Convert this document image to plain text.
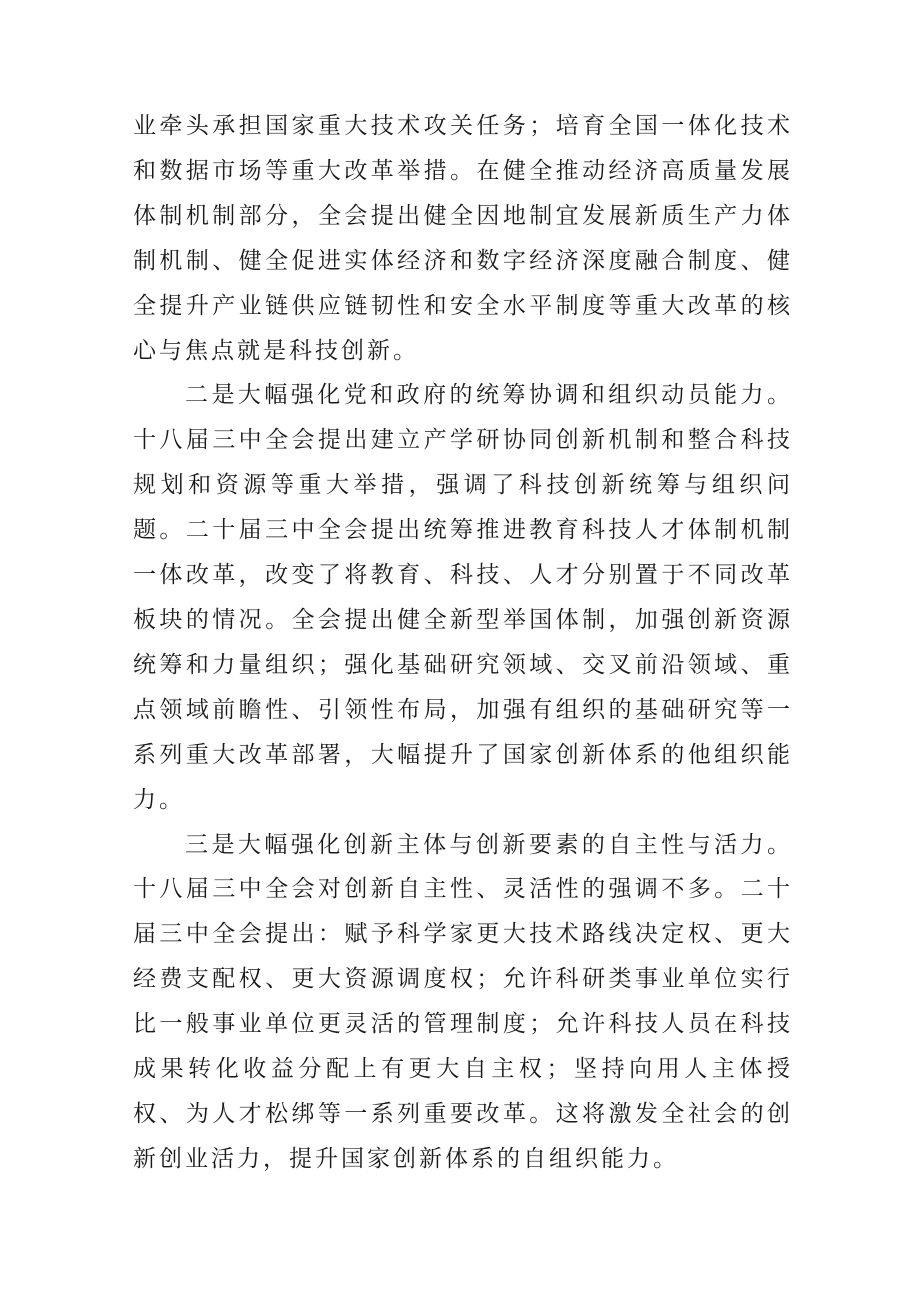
业牵头承担国家重大技术攻关任务；培育全国一体化技术和数据市场等重大改革举措。在健全推动经济高质量发展体制机制部分，全会提出健全因地制宜发展新质生产力体制机制、健全促进实体经济和数字经济深度融合制度、健全提升产业链供应链韧性和安全水平制度等重大改革的核心与焦点就是科技创新。

二是大幅强化党和政府的统筹协调和组织动员能力。十八届三中全会提出建立产学研协同创新机制和整合科技规划和资源等重大举措，强调了科技创新统筹与组织问题。二十届三中全会提出统筹推进教育科技人才体制机制一体改革，改变了将教育、科技、人才分别置于不同改革板块的情况。全会提出健全新型举国体制，加强创新资源统筹和力量组织；强化基础研究领域、交叉前沿领域、重点领域前瞻性、引领性布局，加强有组织的基础研究等一系列重大改革部署，大幅提升了国家创新体系的他组织能力。

三是大幅强化创新主体与创新要素的自主性与活力。十八届三中全会对创新自主性、灵活性的强调不多。二十届三中全会提出：赋予科学家更大技术路线决定权、更大经费支配权、更大资源调度权；允许科研类事业单位实行比一般事业单位更灵活的管理制度；允许科技人员在科技成果转化收益分配上有更大自主权；坚持向用人主体授权、为人才松绑等一系列重要改革。这将激发全社会的创新创业活力，提升国家创新体系的自组织能力。
